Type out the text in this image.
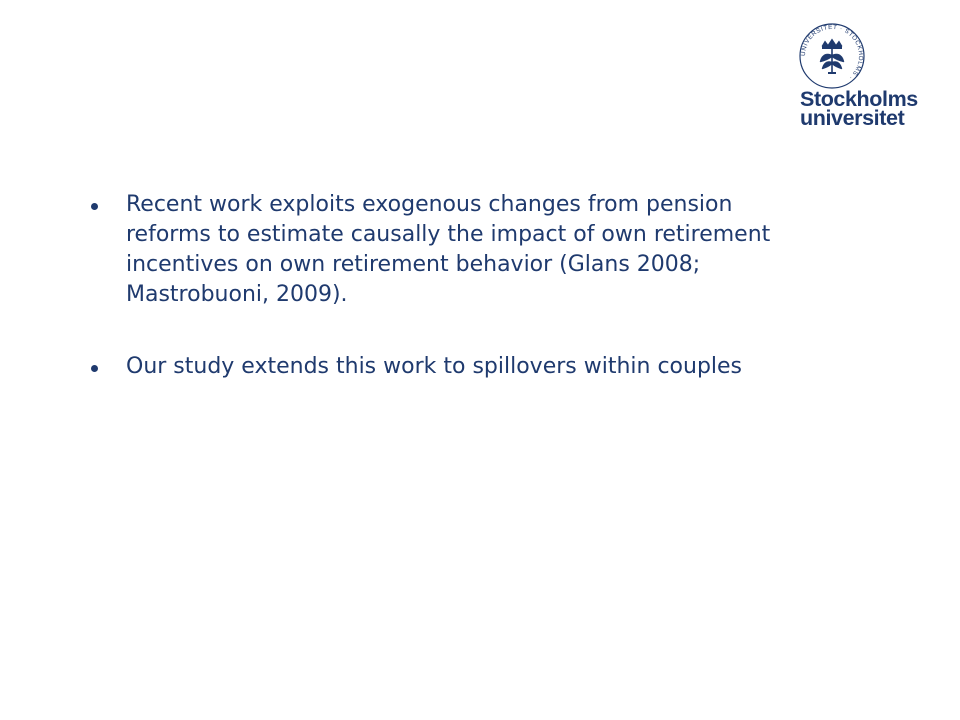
UNIVERSITET · STOCKHOLMS ·
Stockholms
universitet
Recent work exploits exogenous changes from pension reforms to estimate causally the impact of own retirement incentives on own retirement behavior (Glans 2008; Mastrobuoni, 2009).
Our study extends this work to spillovers within couples
